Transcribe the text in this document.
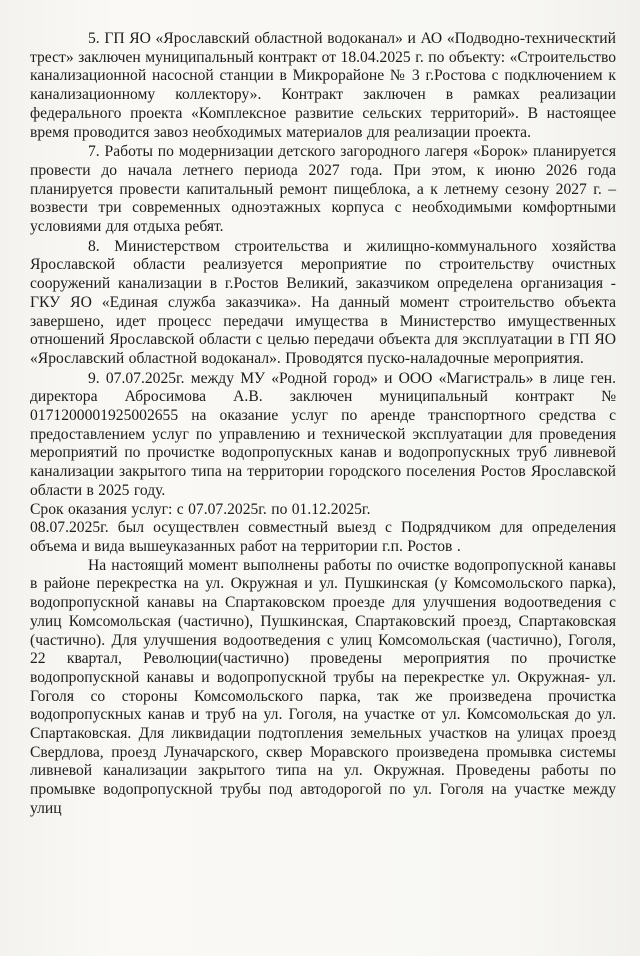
5. ГП ЯО «Ярославский областной водоканал» и АО «Подводно-техническтий трест» заключен муниципальный контракт от 18.04.2025 г. по объекту: «Строительство канализационной насосной станции в Микрорайоне № 3 г.Ростова с подключением к канализационному коллектору». Контракт заключен в рамках реализации федерального проекта «Комплексное развитие сельских территорий». В настоящее время проводится завоз необходимых материалов для реализации проекта.

7. Работы по модернизации детского загородного лагеря «Борок» планируется провести до начала летнего периода 2027 года. При этом, к июню 2026 года планируется провести капитальный ремонт пищеблока, а к летнему сезону 2027 г. – возвести три современных одноэтажных корпуса с необходимыми комфортными условиями для отдыха ребят.

8. Министерством строительства и жилищно-коммунального хозяйства Ярославской области реализуется мероприятие по строительству очистных сооружений канализации в г.Ростов Великий, заказчиком определена организация - ГКУ ЯО «Единая служба заказчика». На данный момент строительство объекта завершено, идет процесс передачи имущества в Министерство имущественных отношений Ярославской области с целью передачи объекта для эксплуатации в ГП ЯО «Ярославский областной водоканал». Проводятся пуско-наладочные мероприятия.

9. 07.07.2025г. между МУ «Родной город» и ООО «Магистраль» в лице ген. директора Абросимова А.В. заключен муниципальный контракт № 0171200001925002655 на оказание услуг по аренде транспортного средства с предоставлением услуг по управлению и технической эксплуатации для проведения мероприятий по прочистке водопропускных канав и водопропускных труб ливневой канализации закрытого типа на территории городского поселения Ростов Ярославской области в 2025 году.

Срок оказания услуг: с 07.07.2025г. по 01.12.2025г.

08.07.2025г. был осуществлен совместный выезд с Подрядчиком для определения объема и вида вышеуказанных работ на территории г.п. Ростов .

На настоящий момент выполнены работы по очистке водопропускной канавы в районе перекрестка на ул. Окружная и ул. Пушкинская (у Комсомольского парка), водопропускной канавы на Спартаковском проезде для улучшения водоотведения с улиц Комсомольская (частично), Пушкинская, Спартаковский проезд, Спартаковская (частично). Для улучшения водоотведения с улиц Комсомольская (частично), Гоголя, 22 квартал, Революции(частично) проведены мероприятия по прочистке водопропускной канавы и водопропускной трубы на перекрестке ул. Окружная- ул. Гоголя со стороны Комсомольского парка, так же произведена прочистка водопропускных канав и труб на ул. Гоголя, на участке от ул. Комсомольская до ул. Спартаковская. Для ликвидации подтопления земельных участков на улицах проезд Свердлова, проезд Луначарского, сквер Моравского произведена промывка системы ливневой канализации закрытого типа на ул. Окружная. Проведены работы по промывке водопропускной трубы под автодорогой по ул. Гоголя на участке между улиц
